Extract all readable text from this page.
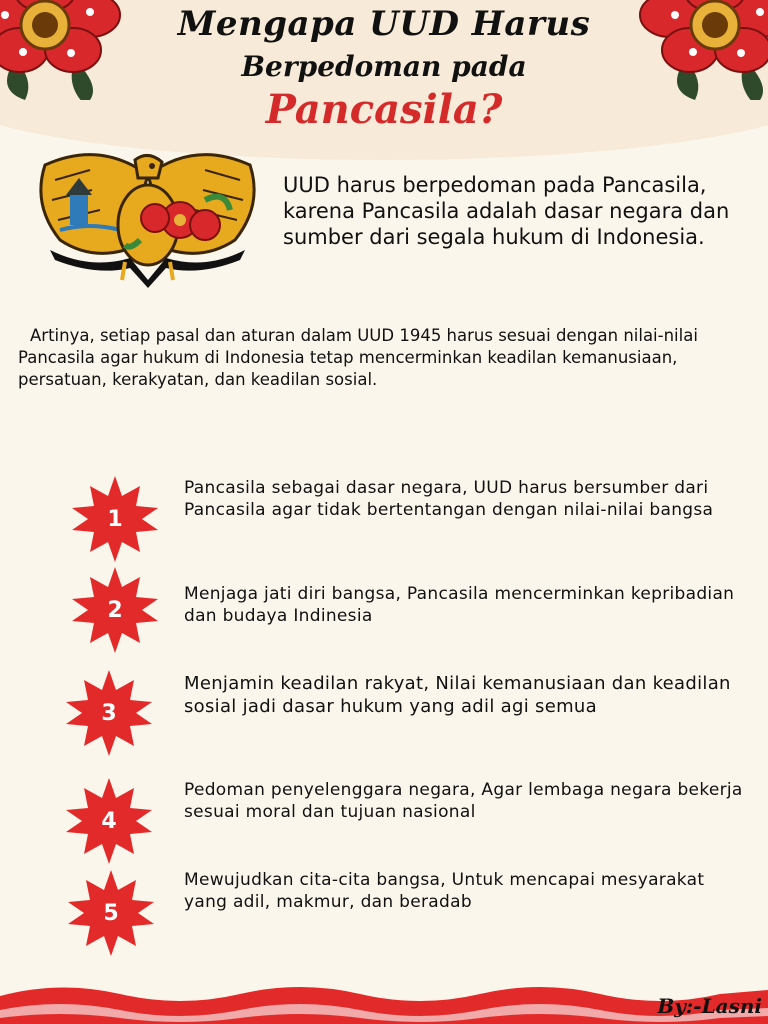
Mengapa UUD Harus
Berpedoman pada
Pancasila?

UUD harus berpedoman pada Pancasila, karena Pancasila adalah dasar negara dan sumber dari segala hukum di Indonesia.

Artinya, setiap pasal dan aturan dalam UUD 1945 harus sesuai dengan nilai-nilai Pancasila agar hukum di Indonesia tetap mencerminkan keadilan kemanusiaan, persatuan, kerakyatan, dan keadilan sosial.

1

Pancasila sebagai dasar negara, UUD harus bersumber dari Pancasila agar tidak bertentangan dengan nilai-nilai bangsa

2

Menjaga jati diri bangsa, Pancasila mencerminkan kepribadian dan budaya Indinesia

3

Menjamin keadilan rakyat, Nilai kemanusiaan dan keadilan sosial jadi dasar hukum yang adil agi semua

4

Pedoman penyelenggara negara, Agar lembaga negara bekerja sesuai moral dan tujuan nasional

5

Mewujudkan cita-cita bangsa, Untuk mencapai mesyarakat yang adil, makmur, dan beradab

By:-Lasni
